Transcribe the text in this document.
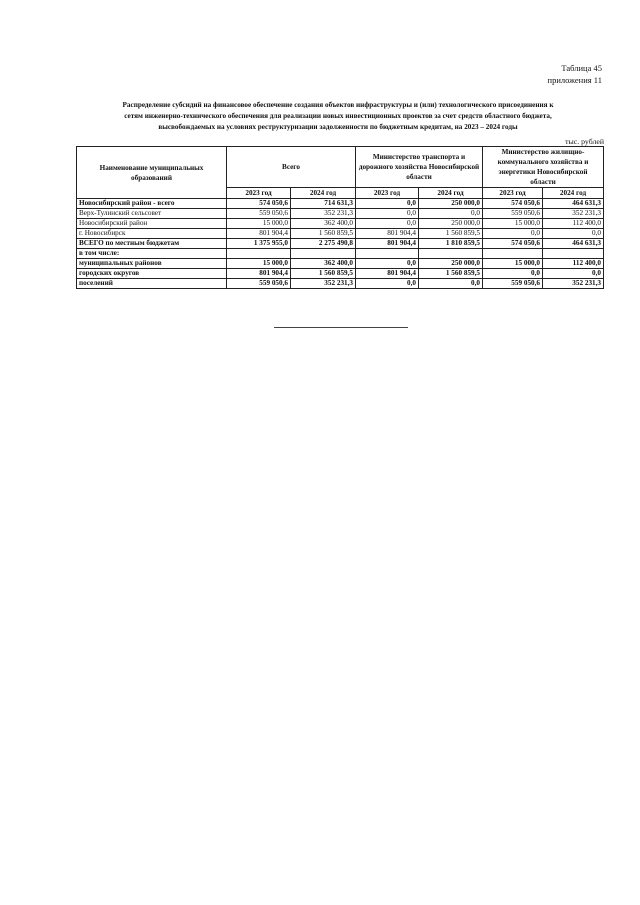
Таблица 45
приложения 11
Распределение субсидий на финансовое обеспечение создания объектов инфраструктуры и (или) технологического присоединения к
сетям инженерно-технического обеспечения для реализации новых инвестиционных проектов за счет средств областного бюджета,
высвобождаемых на условиях реструктуризации задолженности по бюджетным кредитам, на 2023 – 2024 годы
тыс. рублей
Наименование муниципальных образований	Всего		Министерство транспорта и дорожного хозяйства Новосибирской области		Министерство жилищно-коммунального хозяйства и энергетики Новосибирской области	
	2023 год	2024 год	2023 год	2024 год	2023 год	2024 год
Новосибирский район - всего	574 050,6	714 631,3	0,0	250 000,0	574 050,6	464 631,3
Верх-Тулинский сельсовет	559 050,6	352 231,3	0,0	0,0	559 050,6	352 231,3
Новосибирский район	15 000,0	362 400,0	0,0	250 000,0	15 000,0	112 400,0
г. Новосибирск	801 904,4	1 560 859,5	801 904,4	1 560 859,5	0,0	0,0
ВСЕГО по местным бюджетам	1 375 955,0	2 275 490,8	801 904,4	1 810 859,5	574 050,6	464 631,3
в том числе:						
муниципальных районов	15 000,0	362 400,0	0,0	250 000,0	15 000,0	112 400,0
городских округов	801 904,4	1 560 859,5	801 904,4	1 560 859,5	0,0	0,0
поселений	559 050,6	352 231,3	0,0	0,0	559 050,6	352 231,3
